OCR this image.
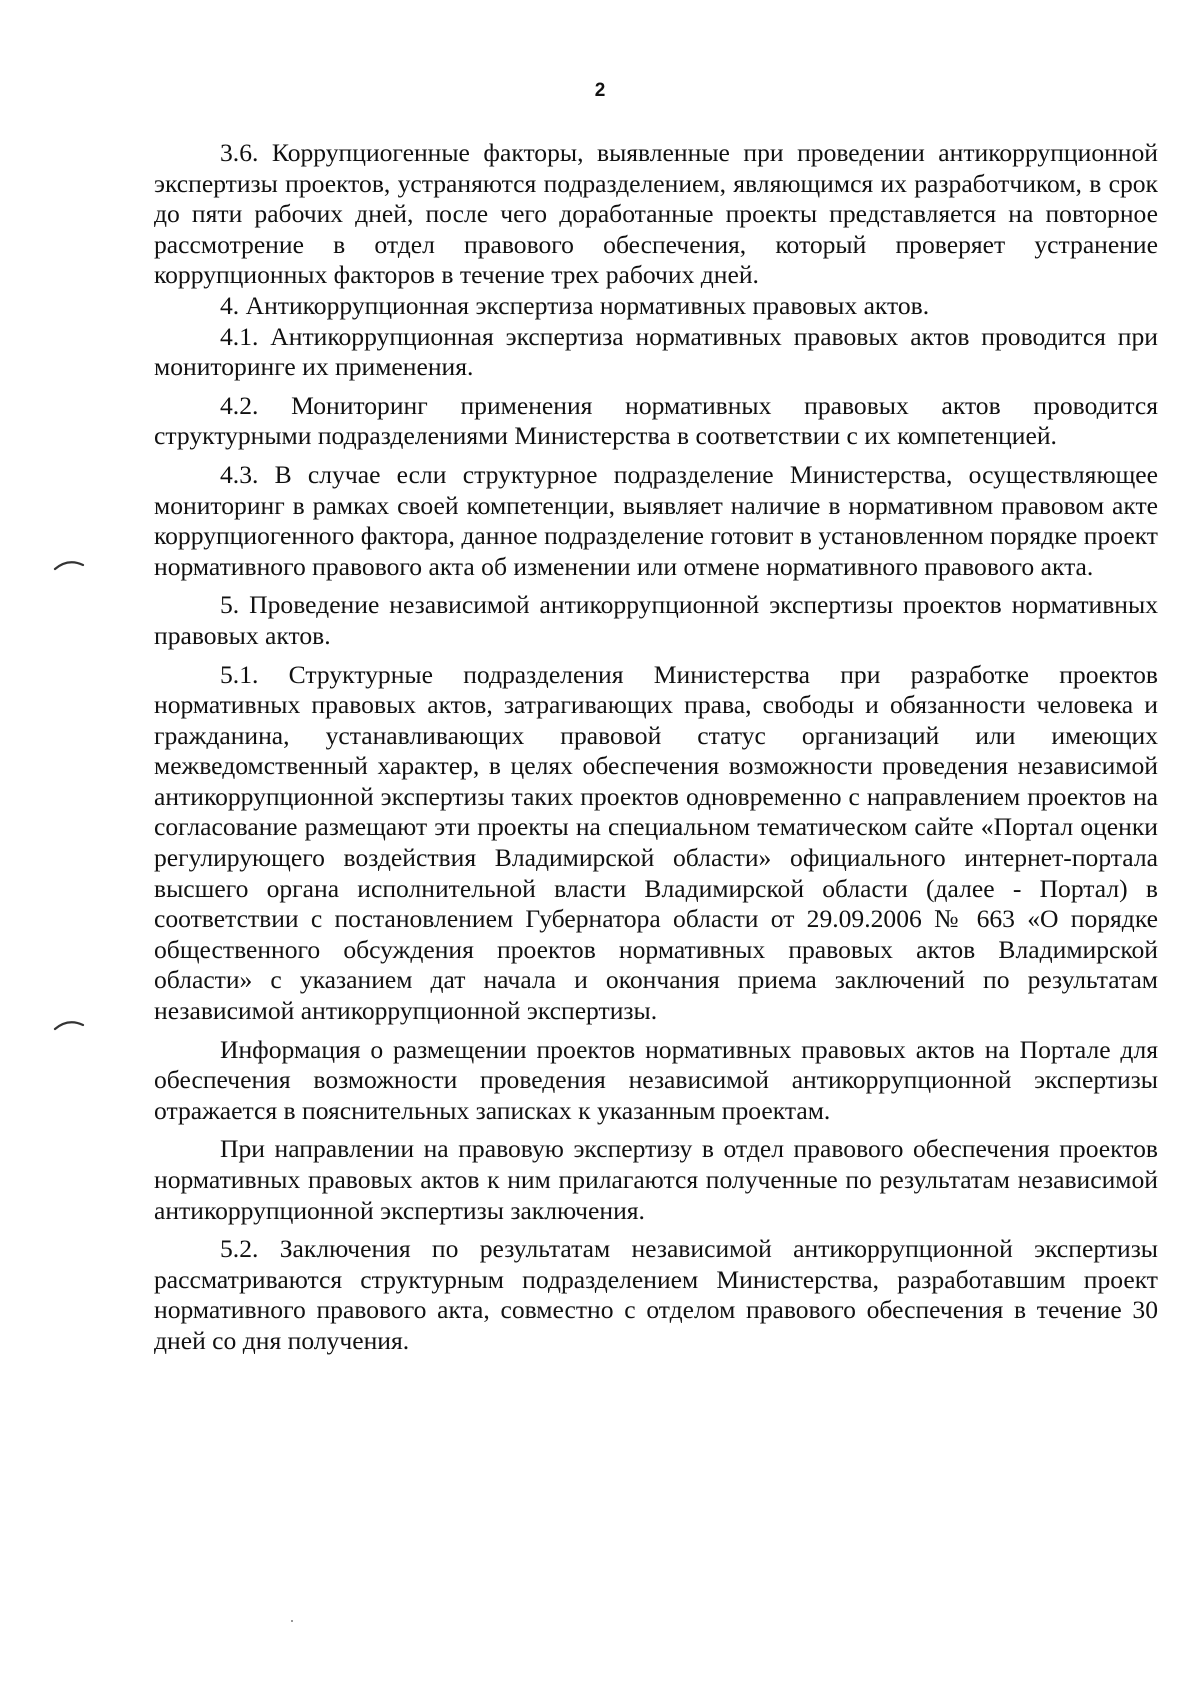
2

3.6. Коррупциогенные факторы, выявленные при проведении антикоррупционной экспертизы проектов, устраняются подразделением, являющимся их разработчиком, в срок до пяти рабочих дней, после чего доработанные проекты представляется на повторное рассмотрение в отдел правового обеспечения, который проверяет устранение коррупционных факторов в течение трех рабочих дней.

4. Антикоррупционная экспертиза нормативных правовых актов.

4.1. Антикоррупционная экспертиза нормативных правовых актов проводится при мониторинге их применения.

4.2. Мониторинг применения нормативных правовых актов проводится структурными подразделениями Министерства в соответствии с их компетенцией.

4.3. В случае если структурное подразделение Министерства, осуществляющее мониторинг в рамках своей компетенции, выявляет наличие в нормативном правовом акте коррупциогенного фактора, данное подразделение готовит в установленном порядке проект нормативного правового акта об изменении или отмене нормативного правового акта.

5. Проведение независимой антикоррупционной экспертизы проектов нормативных правовых актов.

5.1. Структурные подразделения Министерства при разработке проектов нормативных правовых актов, затрагивающих права, свободы и обязанности человека и гражданина, устанавливающих правовой статус организаций или имеющих межведомственный характер, в целях обеспечения возможности проведения независимой антикоррупционной экспертизы таких проектов одновременно с направлением проектов на согласование размещают эти проекты на специальном тематическом сайте «Портал оценки регулирующего воздействия Владимирской области» официального интернет-портала высшего органа исполнительной власти Владимирской области (далее - Портал) в соответствии с постановлением Губернатора области от 29.09.2006 № 663 «О порядке общественного обсуждения проектов нормативных правовых актов Владимирской области» с указанием дат начала и окончания приема заключений по результатам независимой антикоррупционной экспертизы.

Информация о размещении проектов нормативных правовых актов на Портале для обеспечения возможности проведения независимой антикоррупционной экспертизы отражается в пояснительных записках к указанным проектам.

При направлении на правовую экспертизу в отдел правового обеспечения проектов нормативных правовых актов к ним прилагаются полученные по результатам независимой антикоррупционной экспертизы заключения.

5.2. Заключения по результатам независимой антикоррупционной экспертизы рассматриваются структурным подразделением Министерства, разработавшим проект нормативного правового акта, совместно с отделом правового обеспечения в течение 30 дней со дня получения.
